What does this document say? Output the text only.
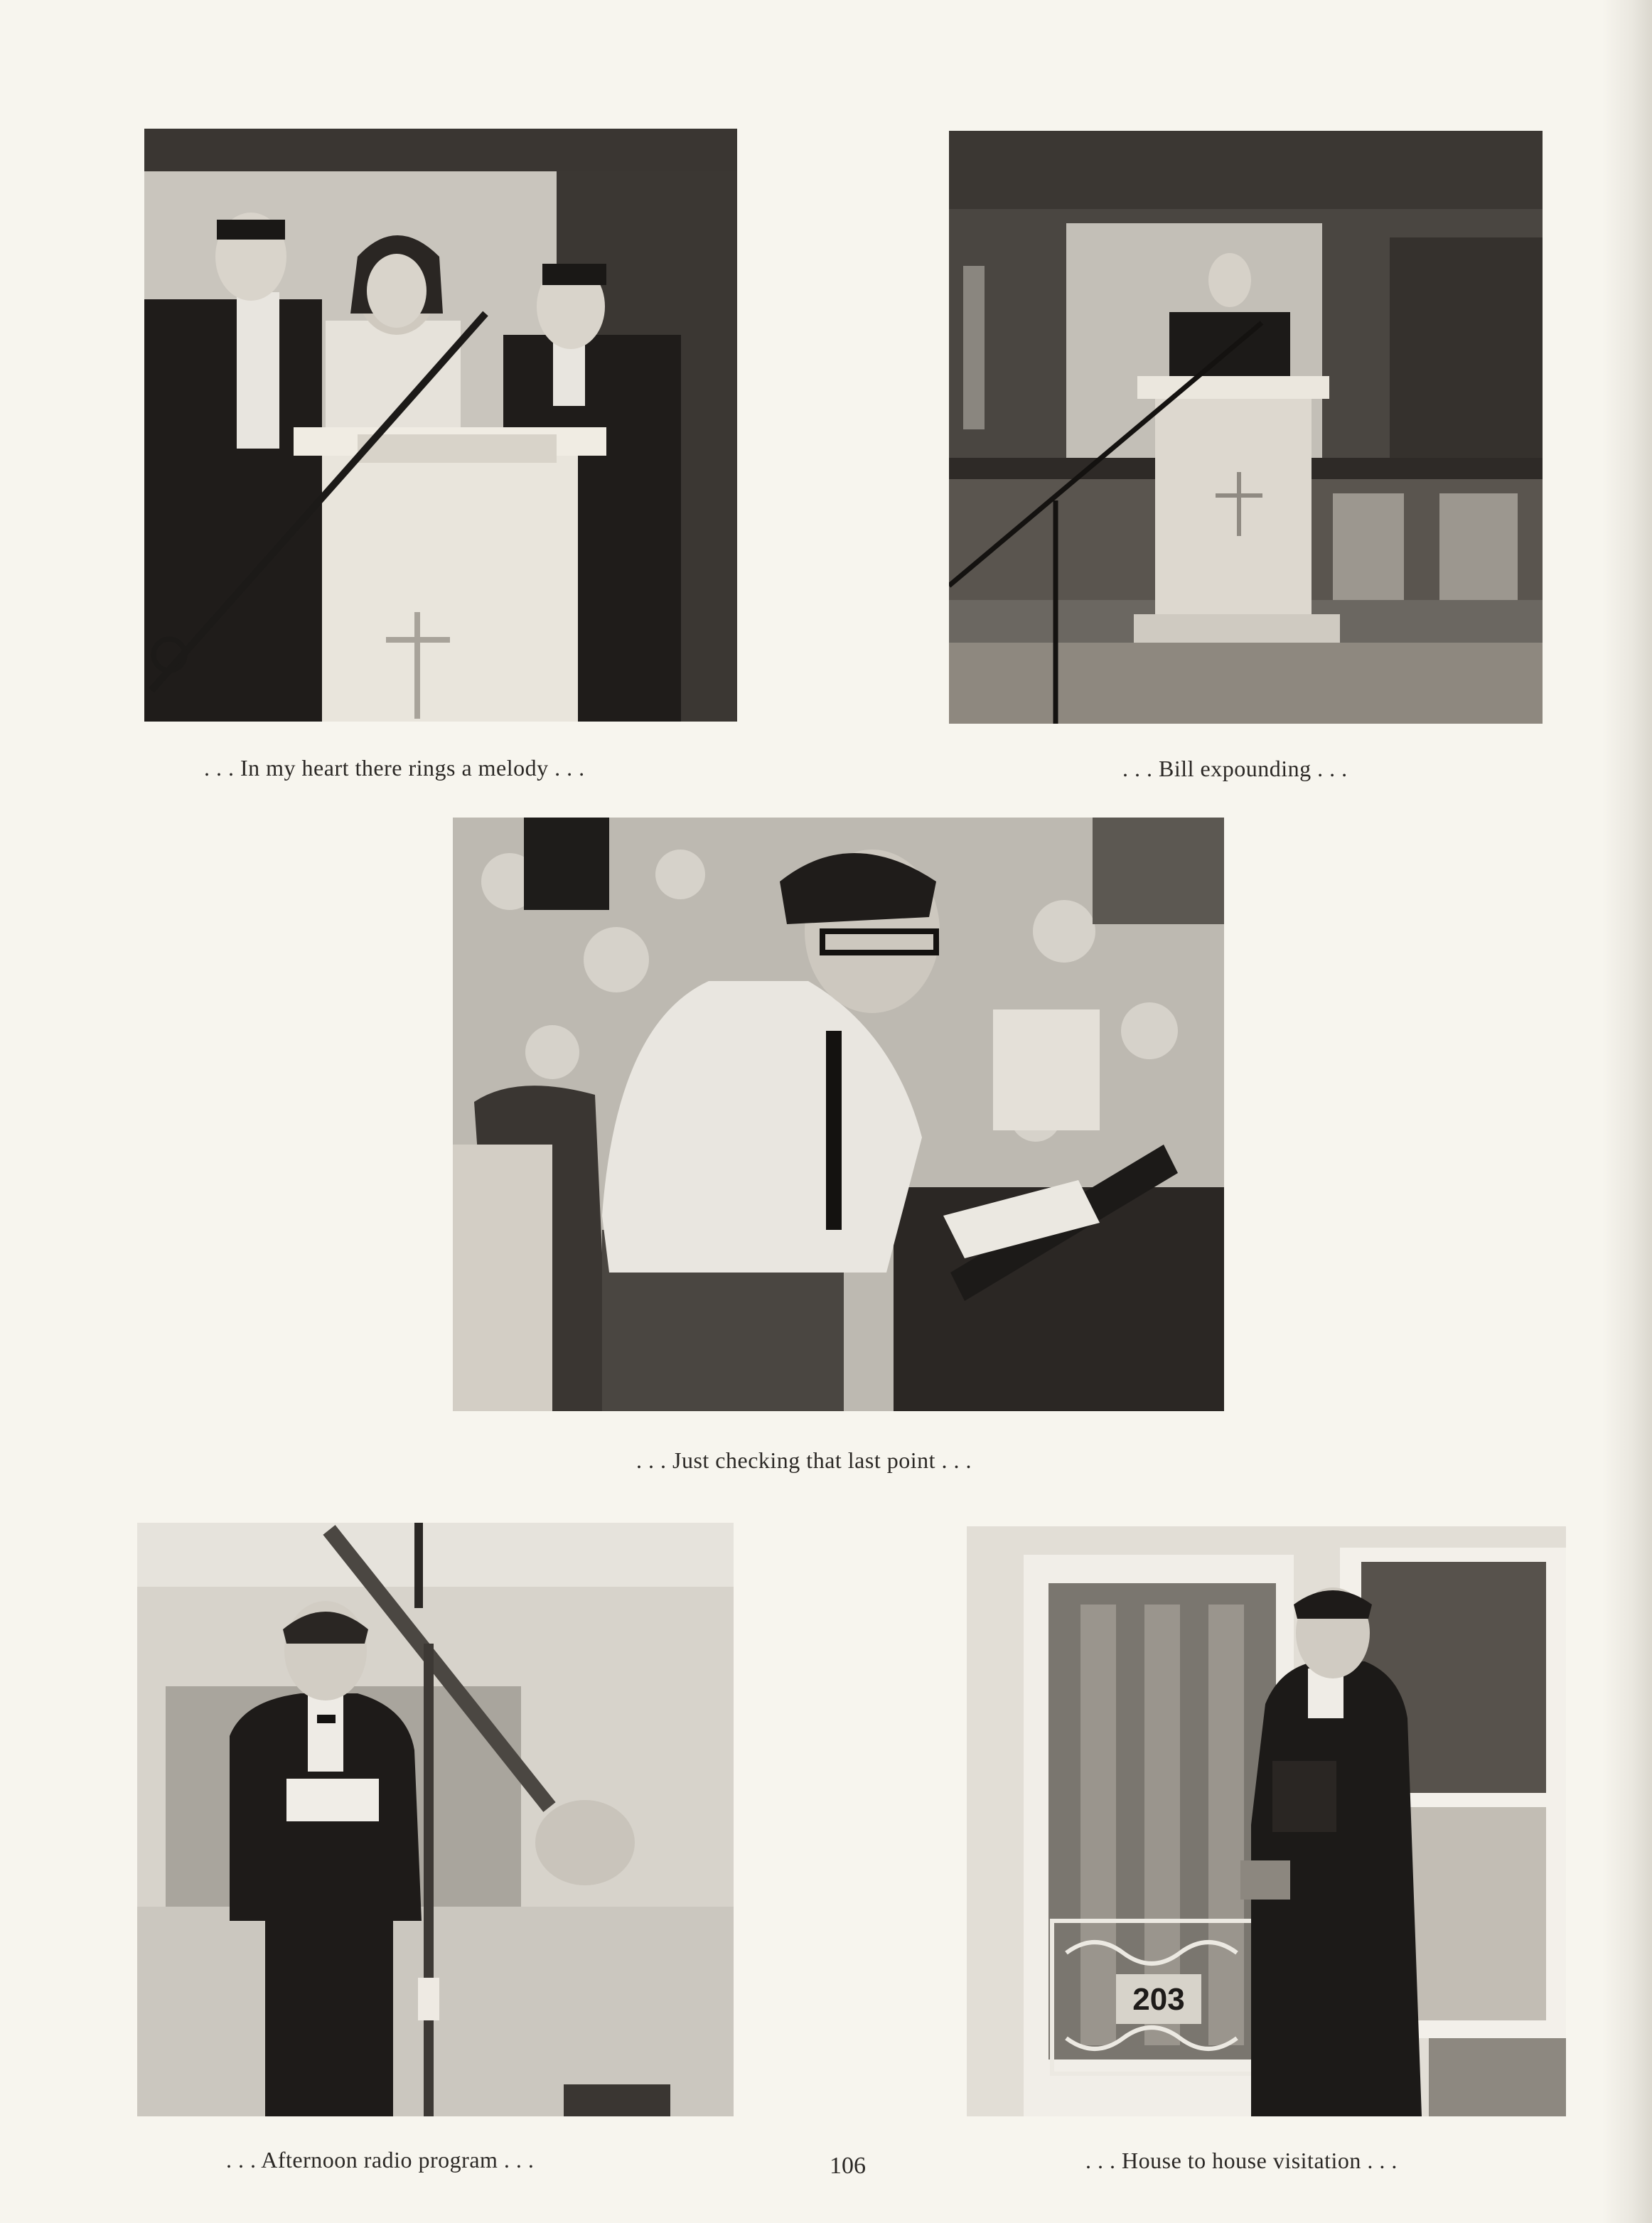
. . . In my heart there rings a melody . . .	. . . Bill expounding . . .
. . . Just checking that last point . . .
. . . Afternoon radio program . . .
203
. . . House to house visitation . . .
106
